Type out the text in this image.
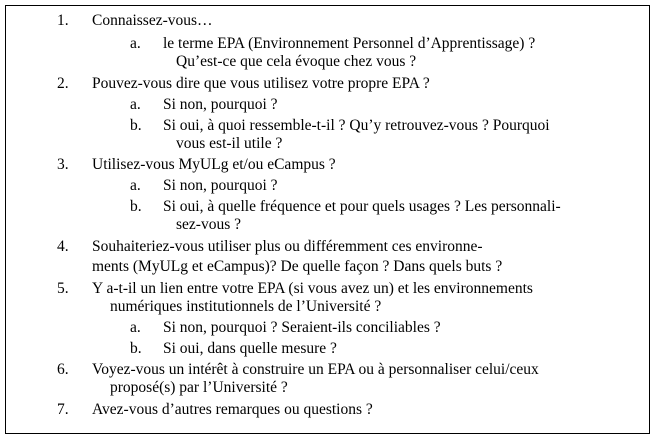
1. Connaissez-vous…
a. le terme EPA (Environnement Personnel d’Apprentissage) ?
Qu’est-ce que cela évoque chez vous ?
2. Pouvez-vous dire que vous utilisez votre propre EPA ?
a. Si non, pourquoi ?
b. Si oui, à quoi ressemble-t-il ? Qu’y retrouvez-vous ? Pourquoi
vous est-il utile ?
3. Utilisez-vous MyULg et/ou eCampus ?
a. Si non, pourquoi ?
b. Si oui, à quelle fréquence et pour quels usages ? Les personnali-
sez-vous ?
4. Souhaiteriez-vous utiliser plus ou différemment ces environne-
ments (MyULg et eCampus)? De quelle façon ? Dans quels buts ?
5. Y a-t-il un lien entre votre EPA (si vous avez un) et les environnements
numériques institutionnels de l’Université ?
a. Si non, pourquoi ? Seraient-ils conciliables ?
b. Si oui, dans quelle mesure ?
6. Voyez-vous un intérêt à construire un EPA ou à personnaliser celui/ceux
proposé(s) par l’Université ?
7. Avez-vous d’autres remarques ou questions ?
